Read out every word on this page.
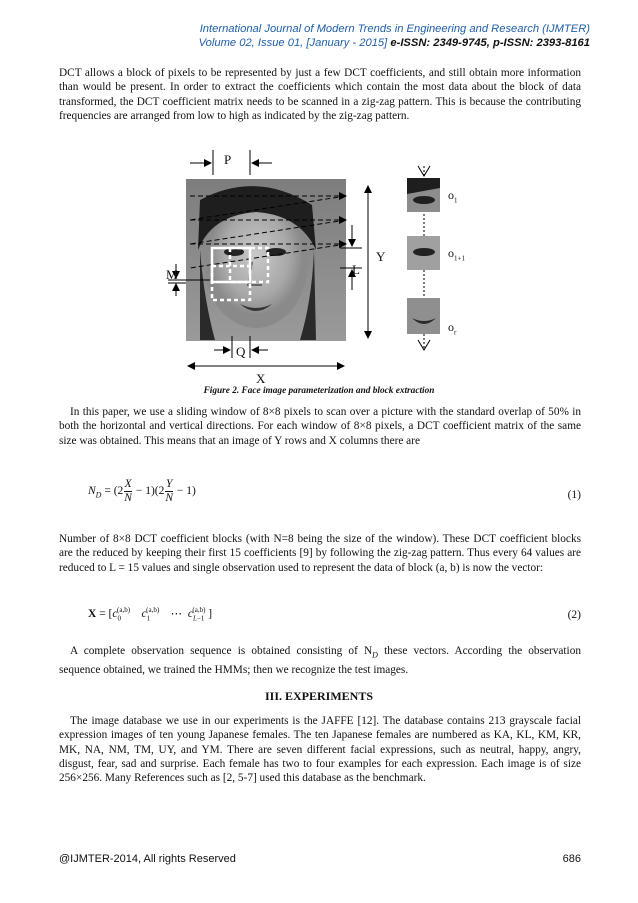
International Journal of Modern Trends in Engineering and Research (IJMTER)
Volume 02, Issue 01, [January - 2015] e-ISSN: 2349-9745, p-ISSN: 2393-8161

DCT allows a block of pixels to be represented by just a few DCT coefficients, and still obtain more information than would be present. In order to extract the coefficients which contain the most data about the block of data transformed, the DCT coefficient matrix needs to be scanned in a zig-zag pattern. This is because the contributing frequencies are arranged from low to high as indicated by the zig-zag pattern.

P
M	L
Y
Q
X
$o_1$
$o_{1+1}$
$o_r$
Figure 2. Face image parameterization and block extraction

In this paper, we use a sliding window of 8×8 pixels to scan over a picture with the standard overlap of 50% in both the horizontal and vertical directions. For each window of 8×8 pixels, a DCT coefficient matrix of the same size was obtained. This means that an image of Y rows and X columns there are

$N_D = (2 \frac{X}{N} - 1)(2 \frac{Y}{N} - 1)$	(1)

Number of 8×8 DCT coefficient blocks (with N=8 being the size of the window). These DCT coefficient blocks are the reduced by keeping their first 15 coefficients [9] by following the zig-zag pattern. Thus every 64 values are reduced to L = 15 values and single observation used to represent the data of block (a, b) is now the vector:

$X = [c_0^{(a,b)}$ $c_1^{(a,b)}$    ⋯  $c_{L-1}^{(a,b)}$ ]	(2)

A complete observation sequence is obtained consisting of $N_D$ these vectors. According the observation sequence obtained, we trained the HMMs; then we recognize the test images.

III. EXPERIMENTS

The image database we use in our experiments is the JAFFE [12]. The database contains 213 grayscale facial expression images of ten young Japanese females. The ten Japanese females are numbered as KA, KL, KM, KR, MK, NA, NM, TM, UY, and YM. There are seven different facial expressions, such as neutral, happy, angry, disgust, fear, sad and surprise. Each female has two to four examples for each expression. Each image is of size 256×256. Many References such as [2, 5-7] used this database as the benchmark.

@IJMTER-2014, All rights Reserved	686
